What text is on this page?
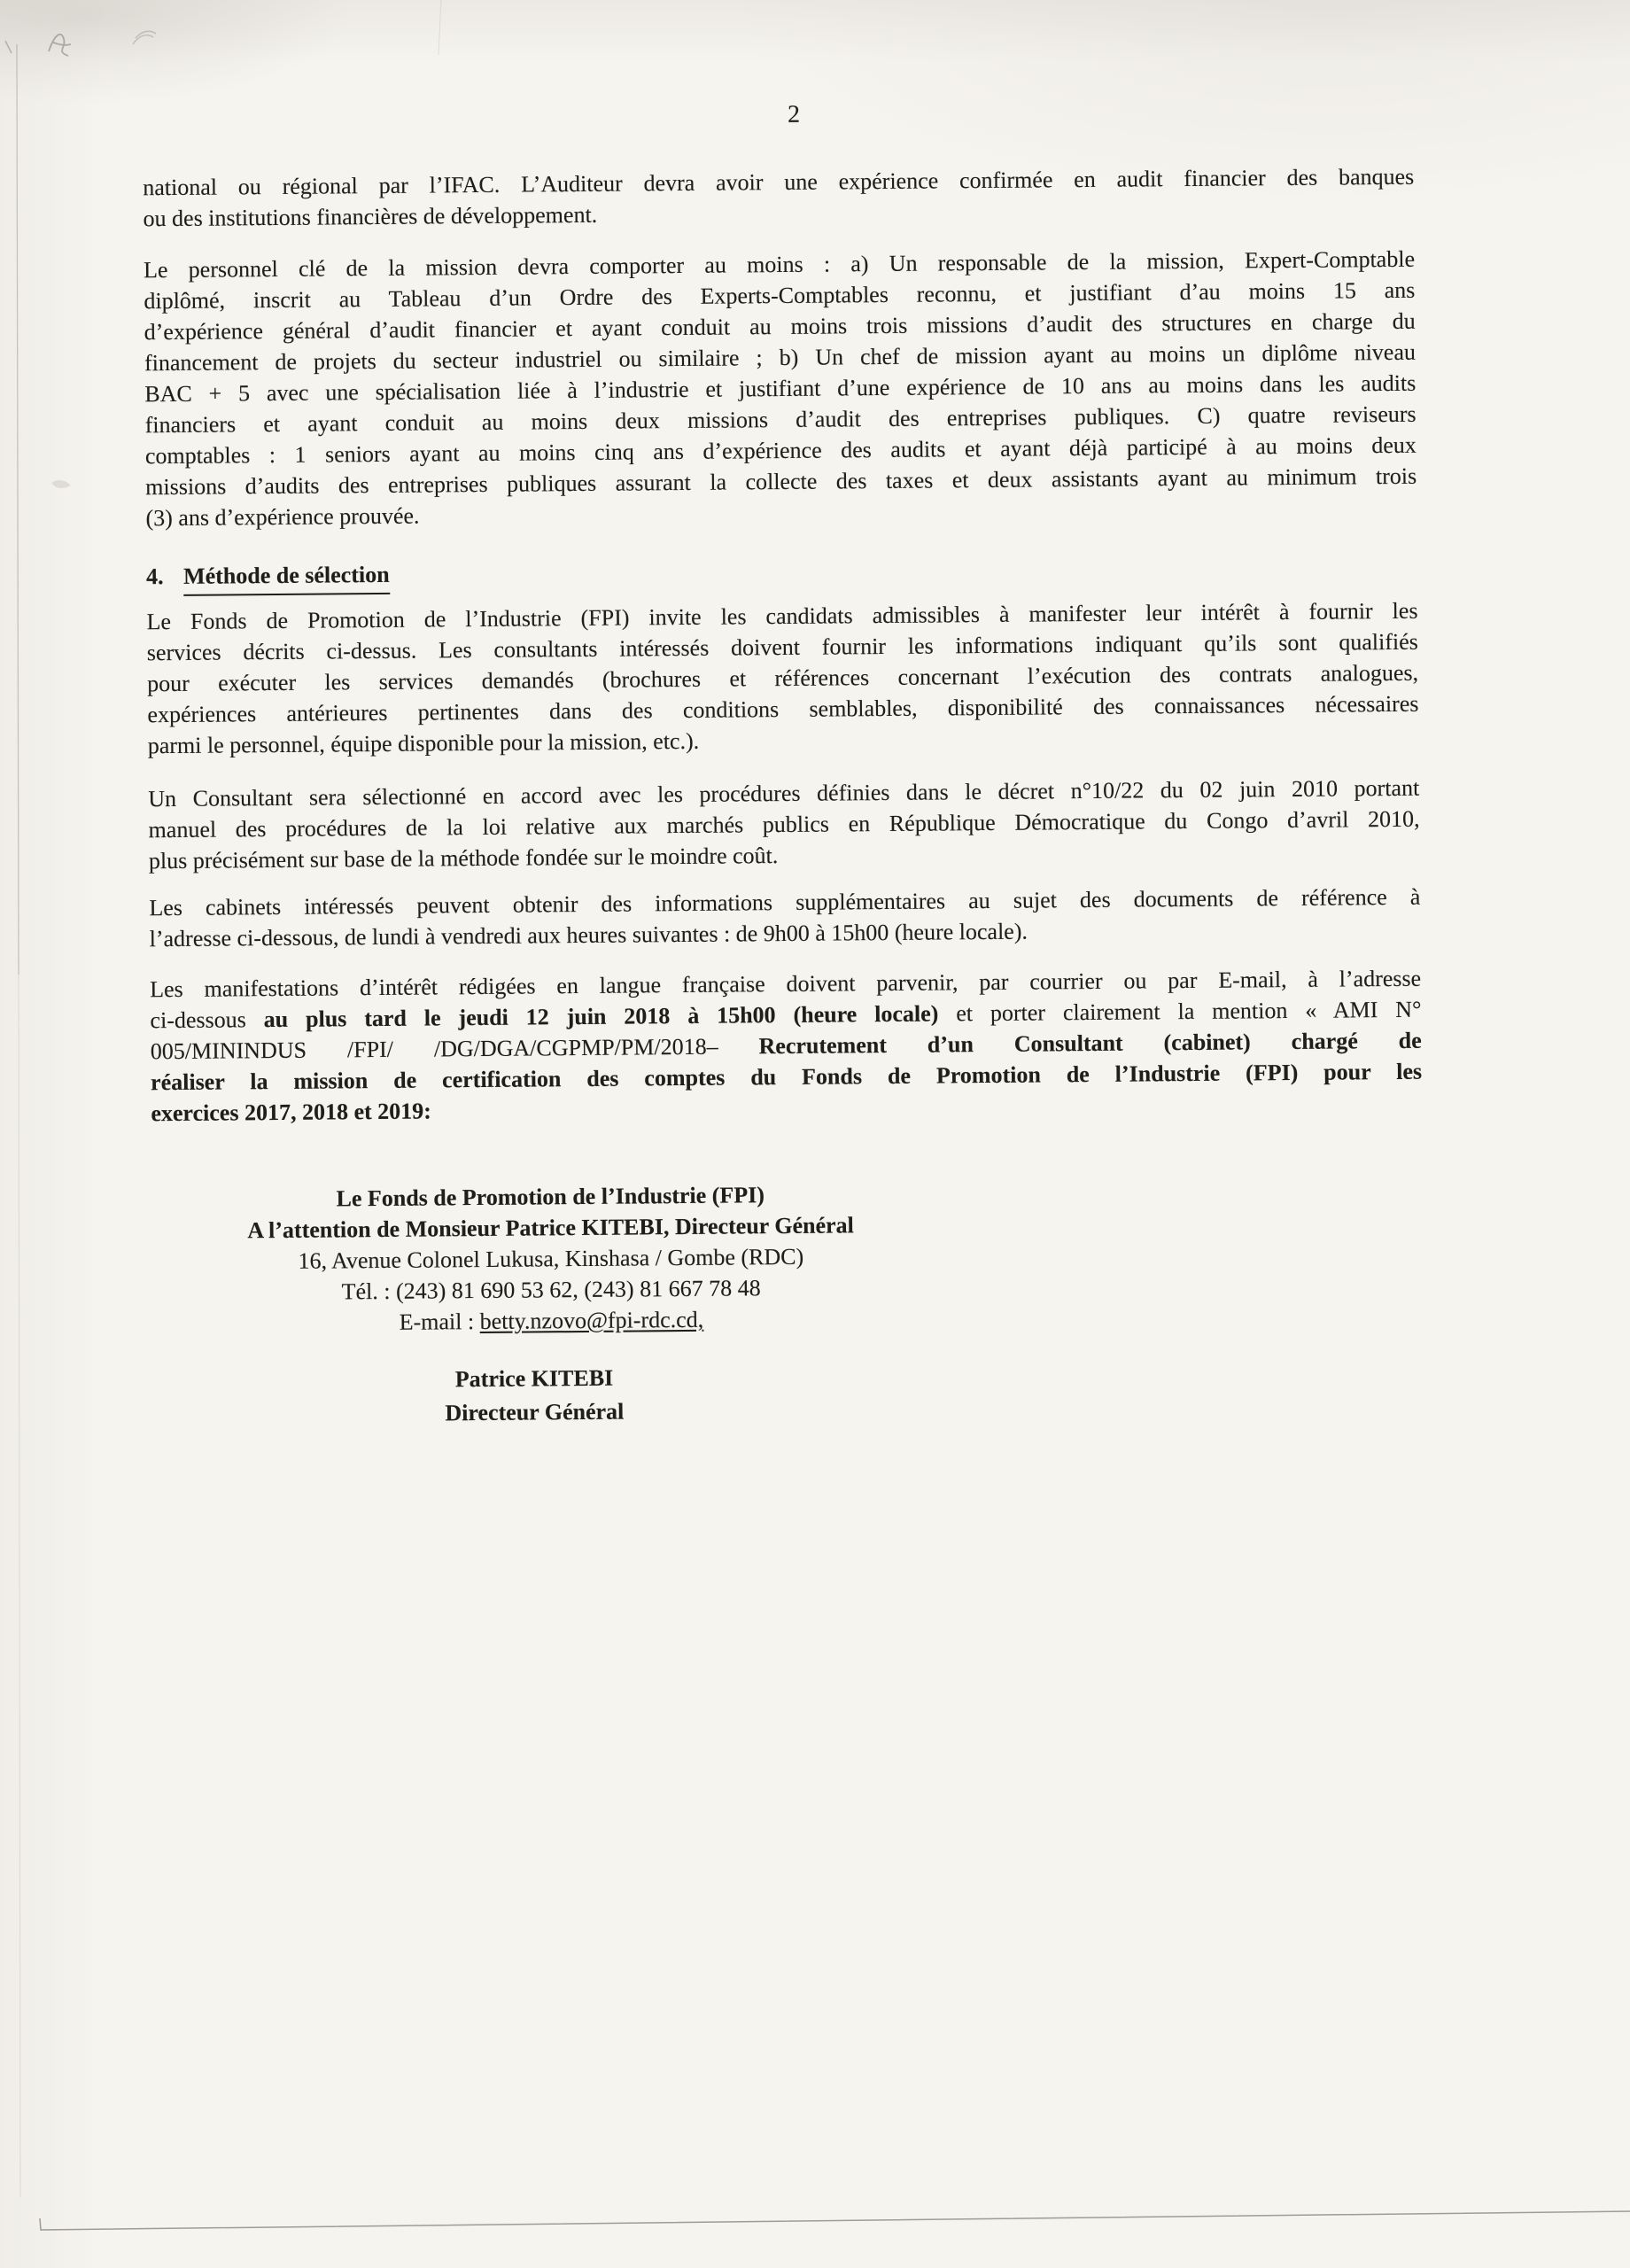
2
national ou régional par l’IFAC. L’Auditeur devra avoir une expérience confirmée en audit financier des banques
ou des institutions financières de développement.
Le personnel clé de la mission devra comporter au moins : a) Un responsable de la mission, Expert-Comptable
diplômé, inscrit au Tableau d’un Ordre des Experts-Comptables reconnu, et justifiant d’au moins 15 ans
d’expérience général d’audit financier et ayant conduit au moins trois missions d’audit des structures en charge du
financement de projets du secteur industriel ou similaire ; b) Un chef de mission ayant au moins un diplôme niveau
BAC + 5 avec une spécialisation liée à l’industrie et justifiant d’une expérience de 10 ans au moins dans les audits
financiers et ayant conduit au moins deux missions d’audit des entreprises publiques. C) quatre reviseurs
comptables : 1 seniors ayant au moins cinq ans d’expérience des audits et ayant déjà participé à au moins deux
missions d’audits des entreprises publiques assurant la collecte des taxes et deux assistants ayant au minimum trois
(3) ans d’expérience prouvée.
4. Méthode de sélection
Le Fonds de Promotion de l’Industrie (FPI) invite les candidats admissibles à manifester leur intérêt à fournir les
services décrits ci-dessus. Les consultants intéressés doivent fournir les informations indiquant qu’ils sont qualifiés
pour exécuter les services demandés (brochures et références concernant l’exécution des contrats analogues,
expériences antérieures pertinentes dans des conditions semblables, disponibilité des connaissances nécessaires
parmi le personnel, équipe disponible pour la mission, etc.).
Un Consultant sera sélectionné en accord avec les procédures définies dans le décret n°10/22 du 02 juin 2010 portant
manuel des procédures de la loi relative aux marchés publics en République Démocratique du Congo d’avril 2010,
plus précisément sur base de la méthode fondée sur le moindre coût.
Les cabinets intéressés peuvent obtenir des informations supplémentaires au sujet des documents de référence à
l’adresse ci-dessous, de lundi à vendredi aux heures suivantes : de 9h00 à 15h00 (heure locale).
Les manifestations d’intérêt rédigées en langue française doivent parvenir, par courrier ou par E-mail, à l’adresse
ci-dessous au plus tard le jeudi 12 juin 2018 à 15h00 (heure locale) et porter clairement la mention « AMI N°
005/MININDUS /FPI/ /DG/DGA/CGPMP/PM/2018– Recrutement d’un Consultant (cabinet) chargé de
réaliser la mission de certification des comptes du Fonds de Promotion de l’Industrie (FPI) pour les
exercices 2017, 2018 et 2019:
Le Fonds de Promotion de l’Industrie (FPI)
A l’attention de Monsieur Patrice KITEBI, Directeur Général
16, Avenue Colonel Lukusa, Kinshasa / Gombe (RDC)
Tél. : (243) 81 690 53 62, (243) 81 667 78 48
E-mail : betty.nzovo@fpi-rdc.cd,
Patrice KITEBI
Directeur Général
